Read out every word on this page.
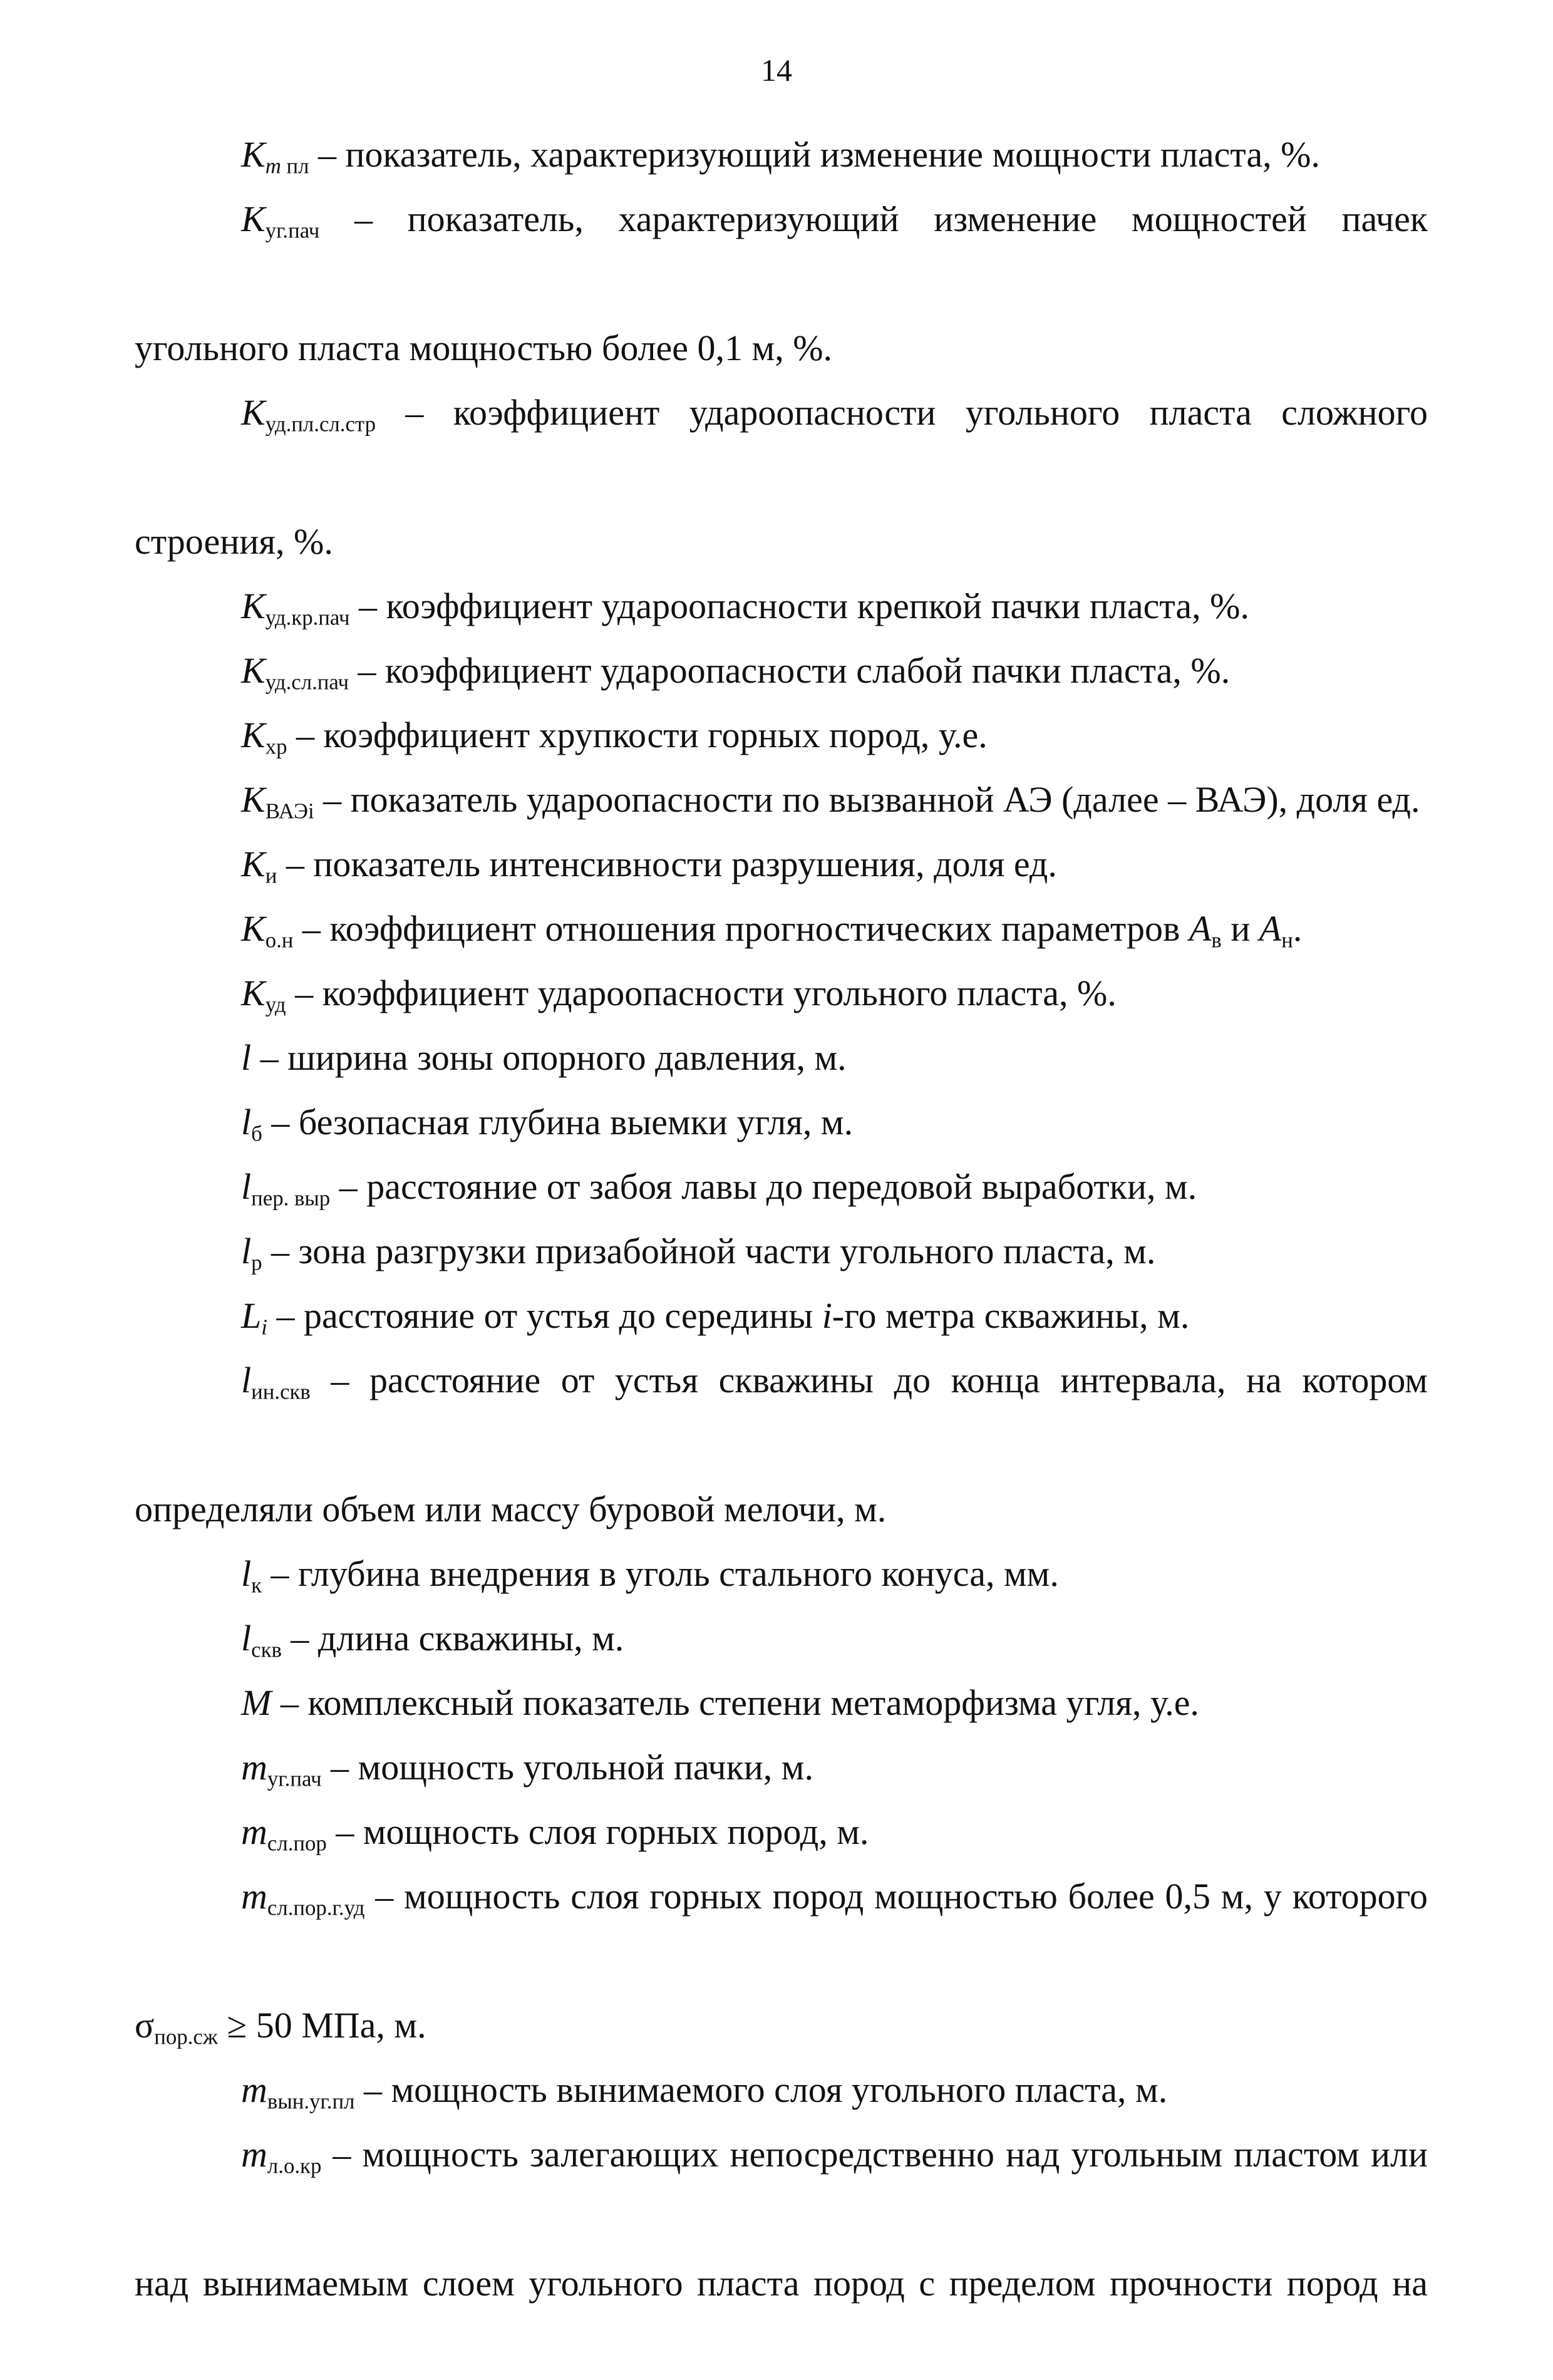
14

$K_{m пл}$ – показатель, характеризующий изменение мощности пласта, %.

$K_{уг.пач}$ – показатель, характеризующий изменение мощностей пачек

угольного пласта мощностью более 0,1 м, %.

$K_{уд.пл.сл.стр}$ – коэффициент ударoопасности угольного пласта сложного

строения, %.

$K_{уд.кр.пач}$ – коэффициент удароопасности крепкой пачки пласта, %.

$K_{уд.сл.пач}$ – коэффициент удароопасности слабой пачки пласта, %.

$K_{хр}$ – коэффициент хрупкости горных пород, у.е.

$K_{ВАЭi}$ – показатель удароопасности по вызванной АЭ (далее – ВАЭ), доля ед.

$K_и$ – показатель интенсивности разрушения, доля ед.

$K_{о.н}$ – коэффициент отношения прогностических параметров $A_в$ и $A_н$.

$K_{уд}$ – коэффициент удароопасности угольного пласта, %.

l – ширина зоны опорного давления, м.

$l_б$ – безопасная глубина выемки угля, м.

$l_{пер. выр}$ – расстояние от забоя лавы до передовой выработки, м.

$l_р$ – зона разгрузки призабойной части угольного пласта, м.

$L_i$ – расстояние от устья до середины i-го метра скважины, м.

$l_{ин.скв}$ – расстояние от устья скважины до конца интервала, на котором

определяли объем или массу буровой мелочи, м.

$l_к$ – глубина внедрения в уголь стального конуса, мм.

$l_{скв}$ – длина скважины, м.

M – комплексный показатель степени метаморфизма угля, у.е.

$m_{уг.пач}$ – мощность угольной пачки, м.

$m_{сл.пор}$ – мощность слоя горных пород, м.

$m_{сл.пор.г.уд}$ – мощность слоя горных пород мощностью более 0,5 м, у которого

$\sigma_{пор.сж} \ge 50$ МПа, м.

$m_{вын.уг.пл}$ – мощность вынимаемого слоя угольного пласта, м.

$m_{л.о.кр}$ – мощность залегающих непосредственно над угольным пластом или

над вынимаемым слоем угольного пласта пород с пределом прочности пород на
